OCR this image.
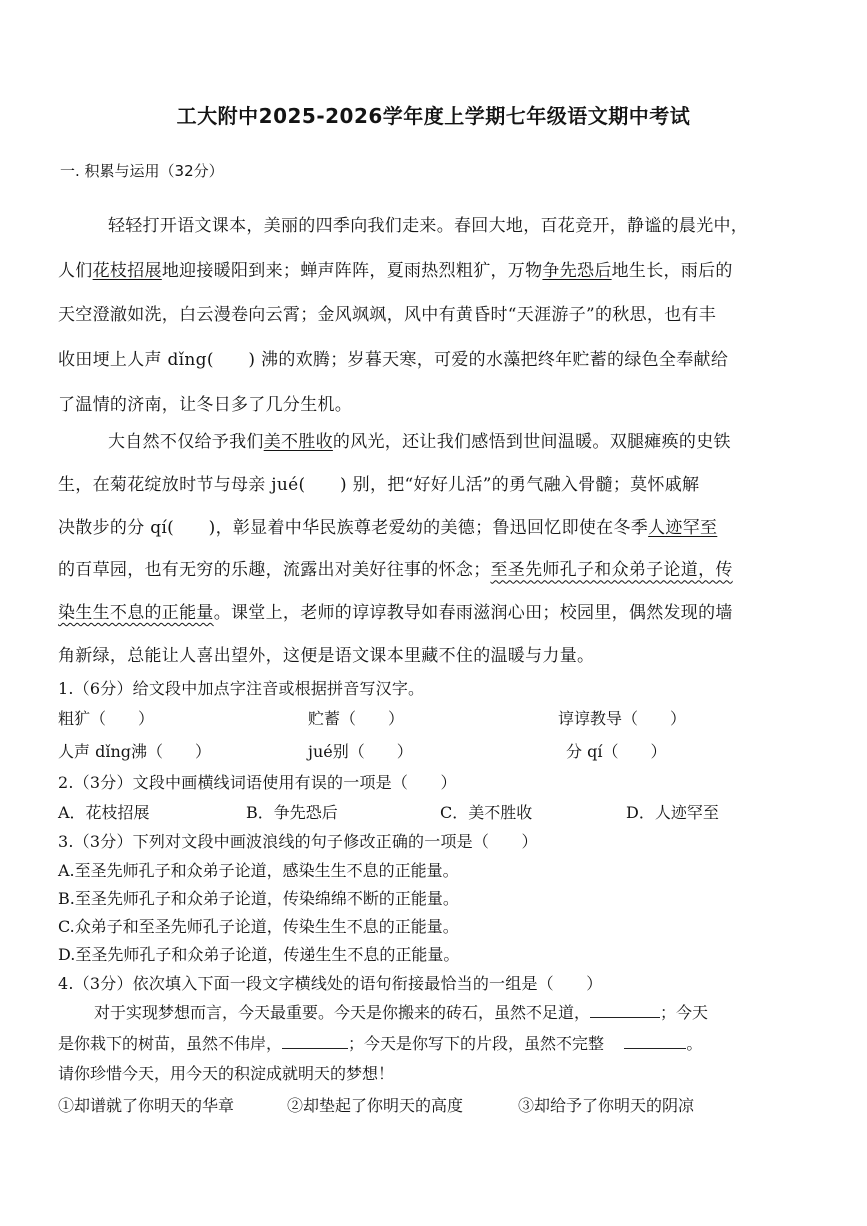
工大附中2025-2026学年度上学期七年级语文期中考试
一. 积累与运用（32分）
轻轻打开语文课本，美丽的四季向我们走来。春回大地，百花竞开，静谧的晨光中，
人们花枝招展地迎接暖阳到来；蝉声阵阵，夏雨热烈粗犷，万物争先恐后地生长，雨后的
天空澄澈如洗，白云漫卷向云霄；金风飒飒，风中有黄昏时“天涯游子”的秋思，也有丰
收田埂上人声 dǐng(　　) 沸的欢腾；岁暮天寒，可爱的水藻把终年贮蓄的绿色全奉献给
了温情的济南，让冬日多了几分生机。
大自然不仅给予我们美不胜收的风光，还让我们感悟到世间温暖。双腿瘫痪的史铁
生，在菊花绽放时节与母亲 jué(　　) 别，把“好好儿活”的勇气融入骨髓；莫怀戚解
决散步的分 qí(　　)，彰显着中华民族尊老爱幼的美德；鲁迅回忆即使在冬季人迹罕至
的百草园，也有无穷的乐趣，流露出对美好往事的怀念；至圣先师孔子和众弟子论道，传
染生生不息的正能量。课堂上，老师的谆谆教导如春雨滋润心田；校园里，偶然发现的墙
角新绿，总能让人喜出望外，这便是语文课本里藏不住的温暖与力量。
1.（6分）给文段中加点字注音或根据拼音写汉字。
粗犷（　　）	贮蓄（　　）	谆谆教导（　　）
人声 dǐng沸（　　）	jué别（　　）	分 qí（　　）
2.（3分）文段中画横线词语使用有误的一项是（　　）
A．花枝招展	B．争先恐后	C．美不胜收	D．人迹罕至
3.（3分）下列对文段中画波浪线的句子修改正确的一项是（　　）
A.至圣先师孔子和众弟子论道，感染生生不息的正能量。
B.至圣先师孔子和众弟子论道，传染绵绵不断的正能量。
C.众弟子和至圣先师孔子论道，传染生生不息的正能量。
D.至圣先师孔子和众弟子论道，传递生生不息的正能量。
4.（3分）依次填入下面一段文字横线处的语句衔接最恰当的一组是（　　）
对于实现梦想而言，今天最重要。今天是你搬来的砖石，虽然不足道，	；今天
是你栽下的树苗，虽然不伟岸，	；今天是你写下的片段，虽然不完整	。
请你珍惜今天，用今天的积淀成就明天的梦想！
①却谱就了你明天的华章	②却垫起了你明天的高度	③却给予了你明天的阴凉
